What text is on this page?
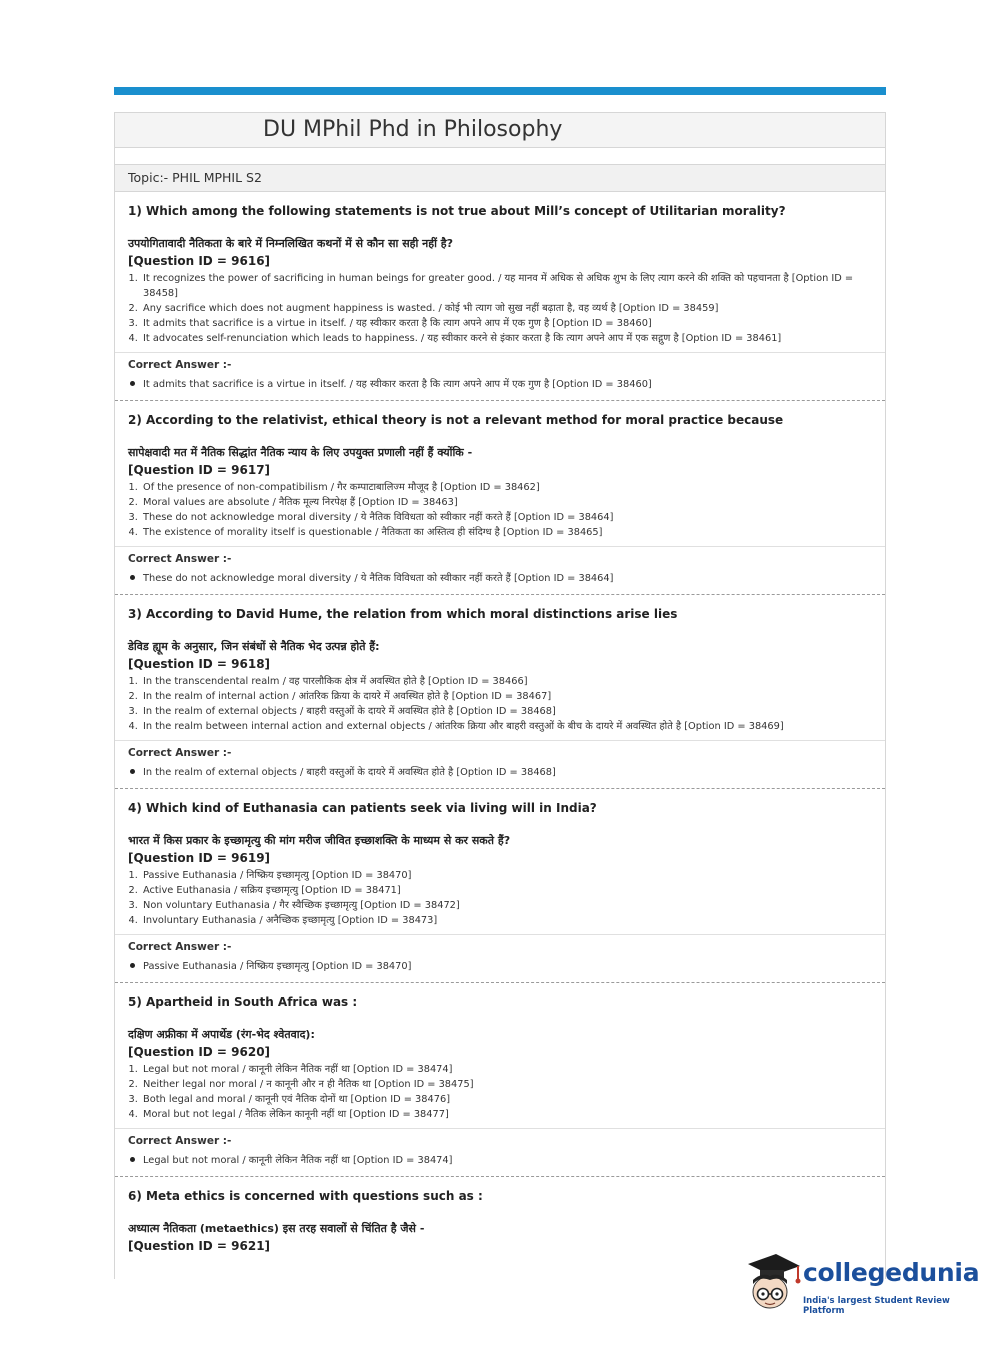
DU MPhil Phd in Philosophy
Topic:- PHIL MPHIL S2
1) Which among the following statements is not true about Mill’s concept of Utilitarian morality?
उपयोगितावादी नैतिकता के बारे में निम्नलिखित कथनों में से कौन सा सही नहीं है?
[Question ID = 9616]
1. It recognizes the power of sacrificing in human beings for greater good. / यह मानव में अधिक से अधिक शुभ के लिए त्याग करने की शक्ति को पहचानता है [Option ID = 38458]
2. Any sacrifice which does not augment happiness is wasted. / कोई भी त्याग जो सुख नहीं बढ़ाता है, वह व्यर्थ है [Option ID = 38459]
3. It admits that sacrifice is a virtue in itself. / यह स्वीकार करता है कि त्याग अपने आप में एक गुण है [Option ID = 38460]
4. It advocates self-renunciation which leads to happiness. / यह स्वीकार करने से इंकार करता है कि त्याग अपने आप में एक सद्गुण है [Option ID = 38461]
Correct Answer :-
It admits that sacrifice is a virtue in itself. / यह स्वीकार करता है कि त्याग अपने आप में एक गुण है [Option ID = 38460]
2) According to the relativist, ethical theory is not a relevant method for moral practice because
सापेक्षवादी मत में नैतिक सिद्धांत नैतिक न्याय के लिए उपयुक्त प्रणाली नहीं हैं क्योंकि -
[Question ID = 9617]
1. Of the presence of non-compatibilism / गैर कम्पाटाबालिज्म मौजूद है [Option ID = 38462]
2. Moral values are absolute / नैतिक मूल्य निरपेक्ष हैं [Option ID = 38463]
3. These do not acknowledge moral diversity / ये नैतिक विविधता को स्वीकार नहीं करते हैं [Option ID = 38464]
4. The existence of morality itself is questionable / नैतिकता का अस्तित्व ही संदिग्ध है [Option ID = 38465]
Correct Answer :-
These do not acknowledge moral diversity / ये नैतिक विविधता को स्वीकार नहीं करते हैं [Option ID = 38464]
3) According to David Hume, the relation from which moral distinctions arise lies
डेविड ह्यूम के अनुसार, जिन संबंधों से नैतिक भेद उत्पन्न होते हैं:
[Question ID = 9618]
1. In the transcendental realm / वह पारलौकिक क्षेत्र में अवस्थित होते है [Option ID = 38466]
2. In the realm of internal action / आंतरिक क्रिया के दायरे में अवस्थित होते है [Option ID = 38467]
3. In the realm of external objects / बाहरी वस्तुओं के दायरे में अवस्थित होते है [Option ID = 38468]
4. In the realm between internal action and external objects / आंतरिक क्रिया और बाहरी वस्तुओं के बीच के दायरे में अवस्थित होते है [Option ID = 38469]
Correct Answer :-
In the realm of external objects / बाहरी वस्तुओं के दायरे में अवस्थित होते है [Option ID = 38468]
4) Which kind of Euthanasia can patients seek via living will in India?
भारत में किस प्रकार के इच्छामृत्यु की मांग मरीज जीवित इच्छाशक्ति के माध्यम से कर सकते हैं?
[Question ID = 9619]
1. Passive Euthanasia / निष्क्रिय इच्छामृत्यु [Option ID = 38470]
2. Active Euthanasia / सक्रिय इच्छामृत्यु [Option ID = 38471]
3. Non voluntary Euthanasia / गैर स्वैच्छिक इच्छामृत्यु [Option ID = 38472]
4. Involuntary Euthanasia / अनैच्छिक इच्छामृत्यु [Option ID = 38473]
Correct Answer :-
Passive Euthanasia / निष्क्रिय इच्छामृत्यु [Option ID = 38470]
5) Apartheid in South Africa was :
दक्षिण अफ्रीका में अपार्थेड (रंग-भेद श्वेतवाद):
[Question ID = 9620]
1. Legal but not moral / कानूनी लेकिन नैतिक नहीं था [Option ID = 38474]
2. Neither legal nor moral / न कानूनी और न ही नैतिक था [Option ID = 38475]
3. Both legal and moral / कानूनी एवं नैतिक दोनों था [Option ID = 38476]
4. Moral but not legal / नैतिक लेकिन कानूनी नहीं था [Option ID = 38477]
Correct Answer :-
Legal but not moral / कानूनी लेकिन नैतिक नहीं था [Option ID = 38474]
6) Meta ethics is concerned with questions such as :
अध्यात्म नैतिकता (metaethics) इस तरह सवालों से चिंतित है जैसे -
[Question ID = 9621]
collegedunia
India's largest Student Review Platform
